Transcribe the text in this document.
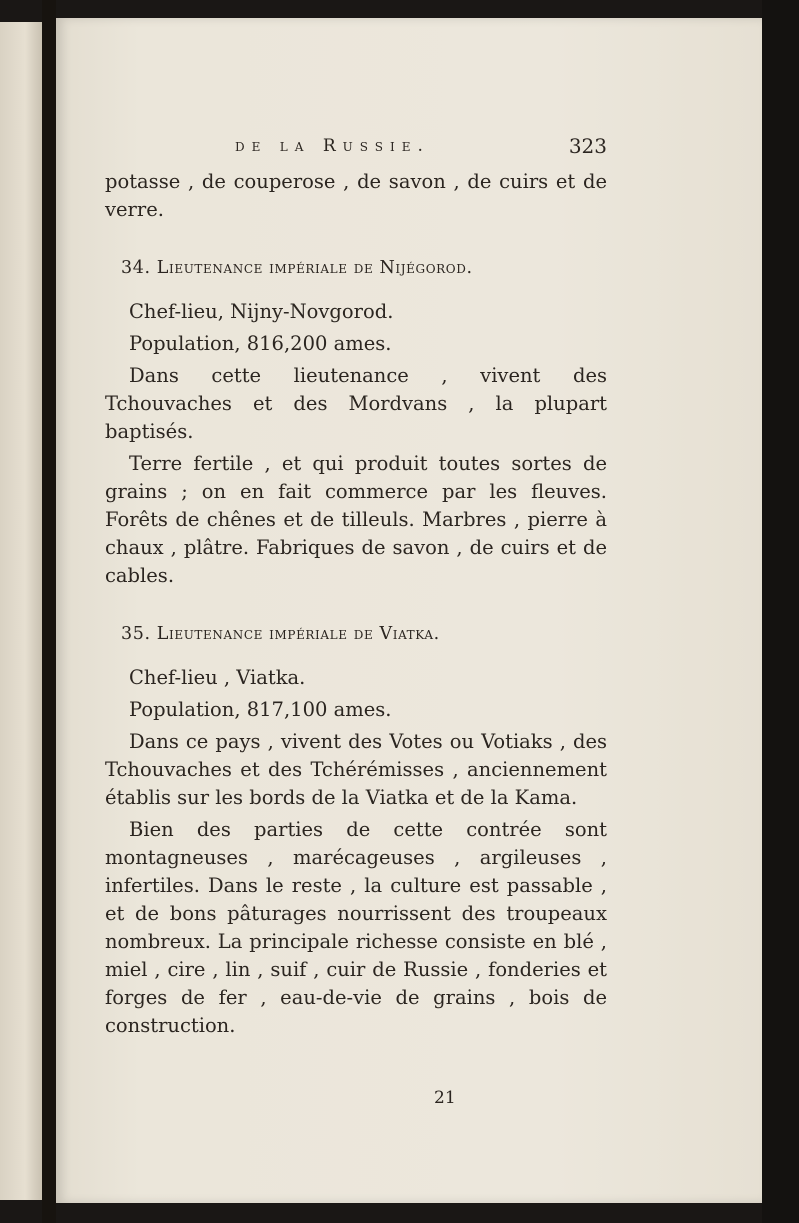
de la Russie.	323

potasse , de couperose , de savon , de cuirs et de verre.

34. Lieutenance impériale de Nijégorod.

Chef-lieu, Nijny-Novgorod.

Population, 816,200 ames.

Dans cette lieutenance , vivent des Tchouvaches et des Mordvans , la plupart baptisés.

Terre fertile , et qui produit toutes sortes de grains ; on en fait commerce par les fleuves. Forêts de chênes et de tilleuls. Marbres , pierre à chaux , plâtre. Fabriques de savon , de cuirs et de cables.

35. Lieutenance impériale de Viatka.

Chef-lieu , Viatka.

Population, 817,100 ames.

Dans ce pays , vivent des Votes ou Votiaks , des Tchouvaches et des Tchérémisses , anciennement établis sur les bords de la Viatka et de la Kama.

Bien des parties de cette contrée sont montagneuses , marécageuses , argileuses , infertiles. Dans le reste , la culture est passable , et de bons pâturages nourrissent des troupeaux nombreux. La principale richesse consiste en blé , miel , cire , lin , suif , cuir de Russie , fonderies et forges de fer , eau-de-vie de grains , bois de construction.

21
